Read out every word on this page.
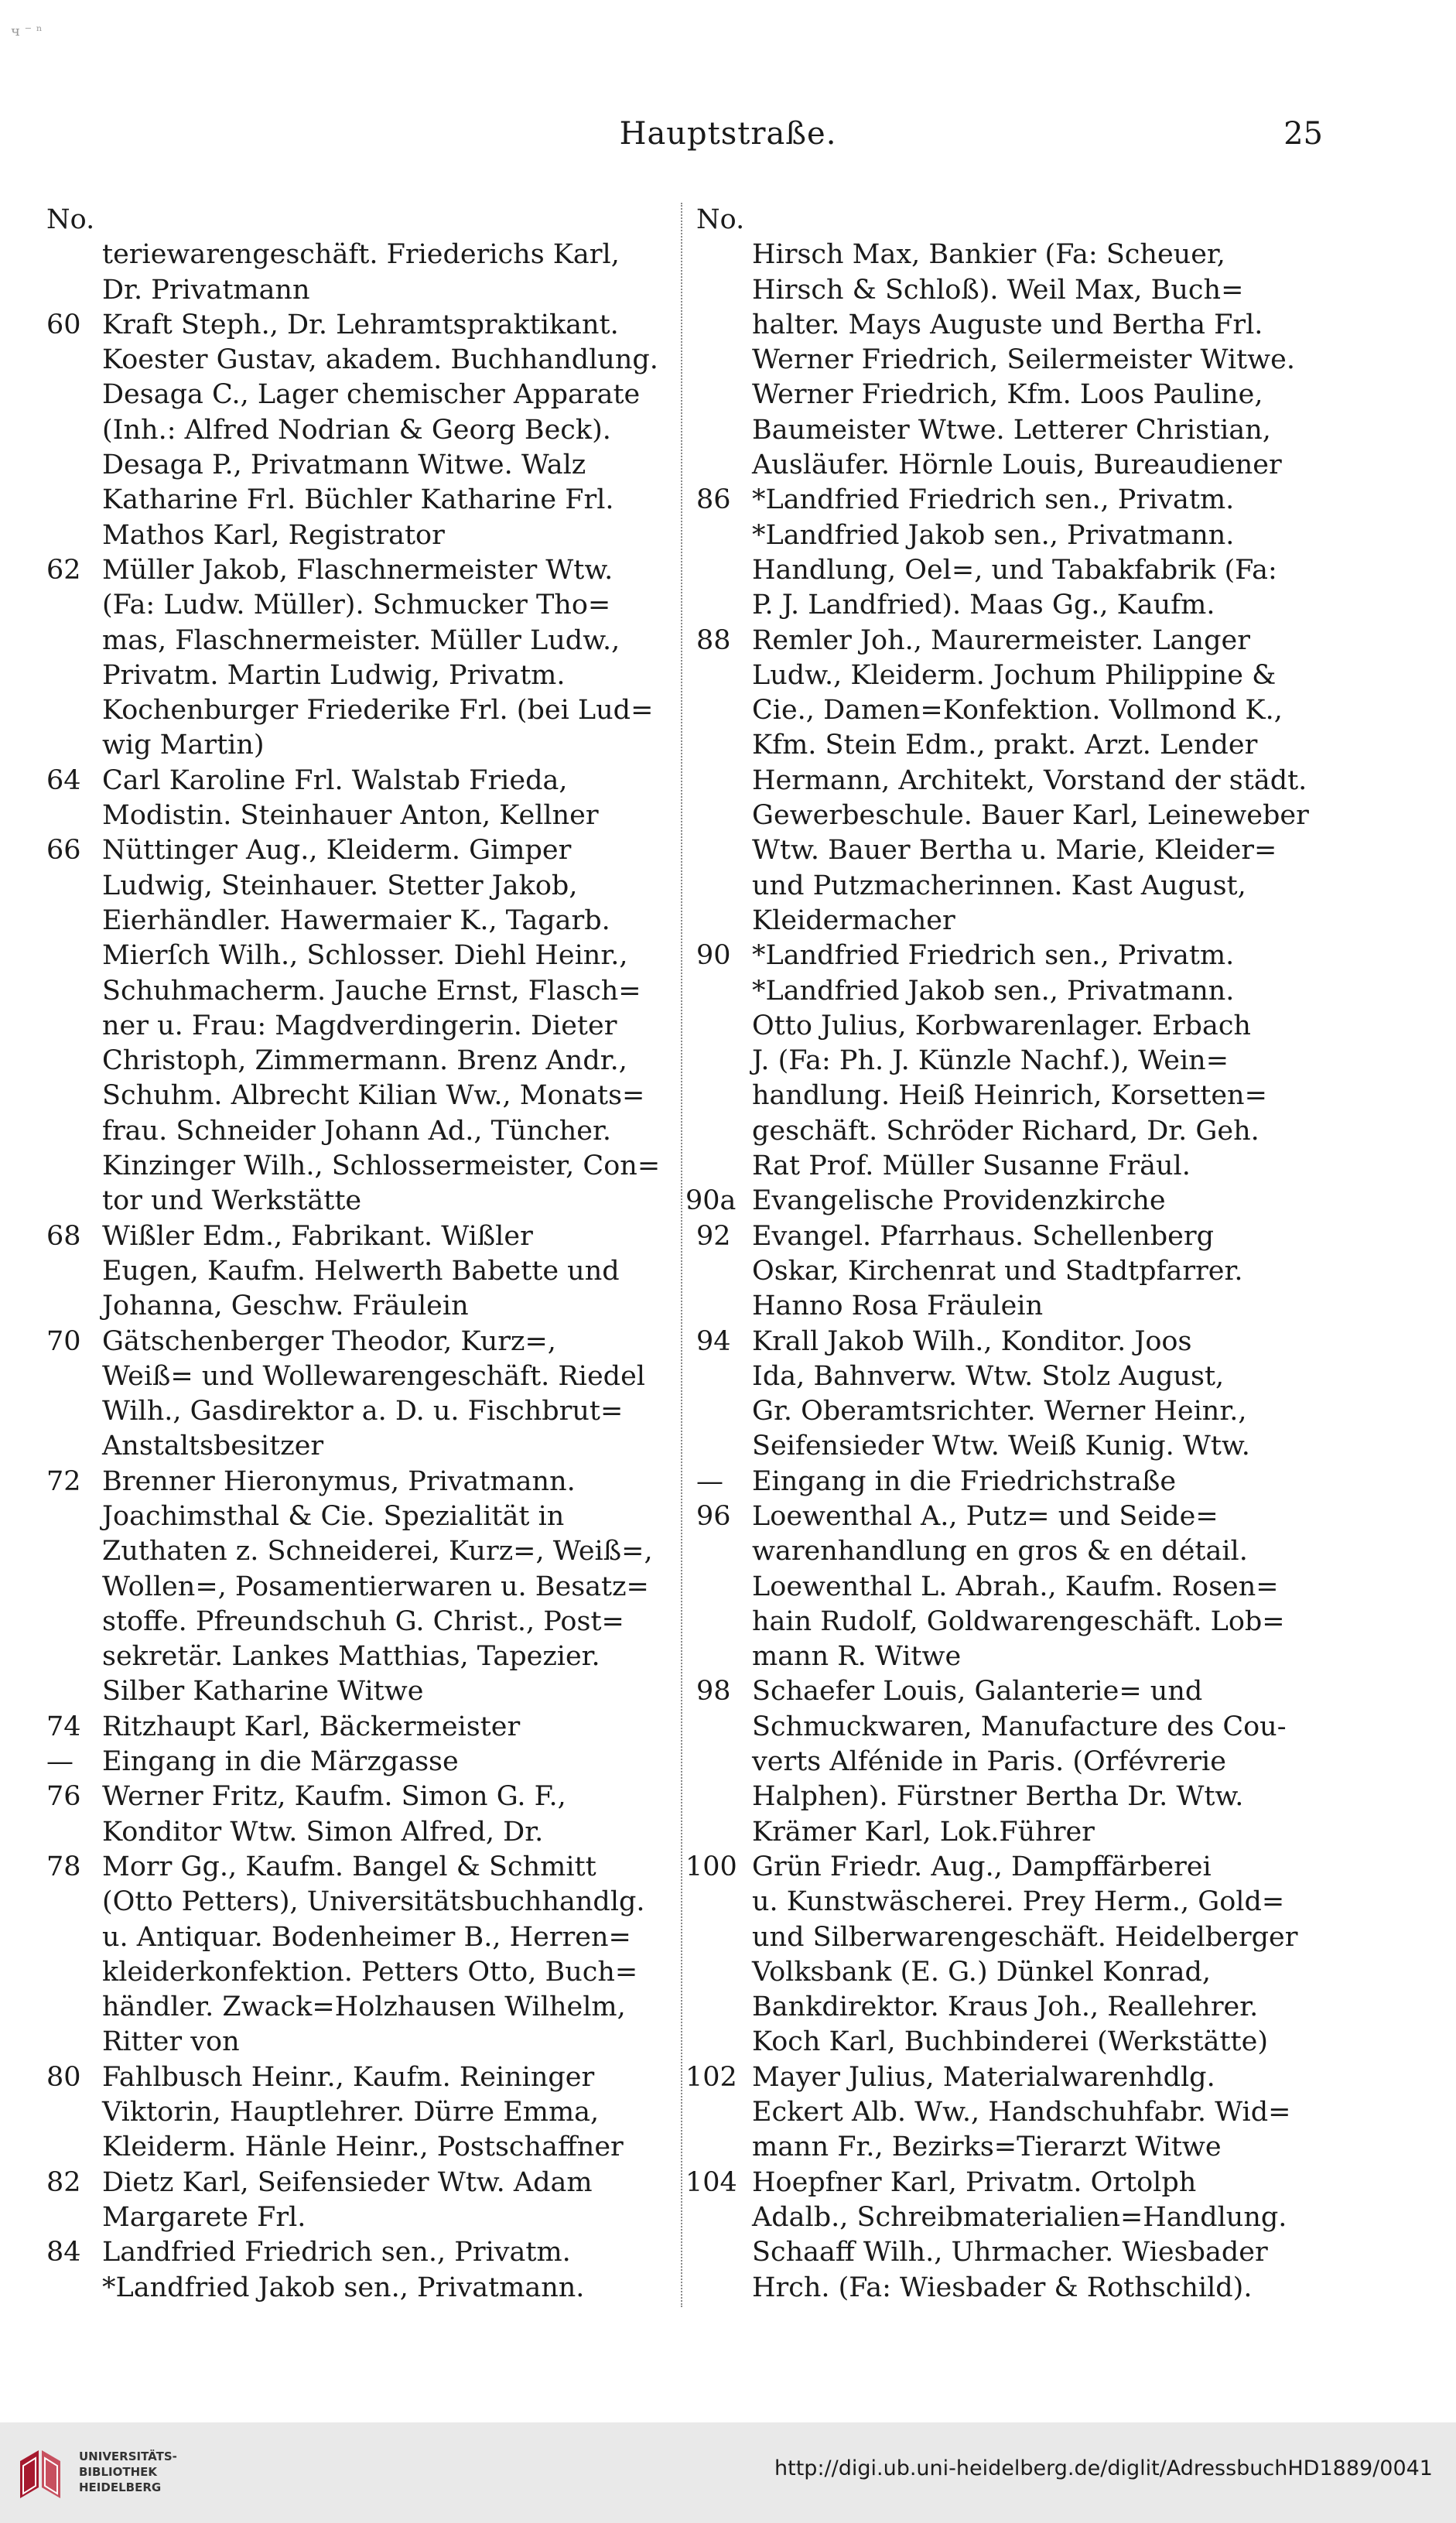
ч ⁻ ⁿ
Hauptstraße.	25
No.
teriewarengeschäft. Friederichs Karl,
Dr. Privatmann
60 Kraft Steph., Dr. Lehramtspraktikant.
Koester Gustav, akadem. Buchhandlung.
Desaga C., Lager chemischer Apparate
(Inh.: Alfred Nodrian & Georg Beck).
Desaga P., Privatmann Witwe. Walz
Katharine Frl. Büchler Katharine Frl.
Mathos Karl, Registrator
62 Müller Jakob, Flaschnermeister Wtw.
(Fa: Ludw. Müller). Schmucker Tho=
mas, Flaschnermeister. Müller Ludw.,
Privatm. Martin Ludwig, Privatm.
Kochenburger Friederike Frl. (bei Lud=
wig Martin)
64 Carl Karoline Frl. Walstab Frieda,
Modistin. Steinhauer Anton, Kellner
66 Nüttinger Aug., Kleiderm. Gimper
Ludwig, Steinhauer. Stetter Jakob,
Eierhändler. Hawermaier K., Tagarb.
Mierſch Wilh., Schlosser. Diehl Heinr.,
Schuhmacherm. Jauche Ernst, Flasch=
ner u. Frau: Magdverdingerin. Dieter
Christoph, Zimmermann. Brenz Andr.,
Schuhm. Albrecht Kilian Ww., Monats=
frau. Schneider Johann Ad., Tüncher.
Kinzinger Wilh., Schlossermeister, Con=
tor und Werkstätte
68 Wißler Edm., Fabrikant. Wißler
Eugen, Kaufm. Helwerth Babette und
Johanna, Geschw. Fräulein
70 Gätschenberger Theodor, Kurz=,
Weiß= und Wollewarengeschäft. Riedel
Wilh., Gasdirektor a. D. u. Fischbrut=
Anstaltsbesitzer
72 Brenner Hieronymus, Privatmann.
Joachimsthal & Cie. Spezialität in
Zuthaten z. Schneiderei, Kurz=, Weiß=,
Wollen=, Posamentierwaren u. Besatz=
stoffe. Pfreundschuh G. Christ., Post=
sekretär. Lankes Matthias, Tapezier.
Silber Katharine Witwe
74 Ritzhaupt Karl, Bäckermeister
—	Eingang in die Märzgasse
76 Werner Fritz, Kaufm. Simon G. F.,
Konditor Wtw. Simon Alfred, Dr.
78 Morr Gg., Kaufm. Bangel & Schmitt
(Otto Petters), Universitätsbuchhandlg.
u. Antiquar. Bodenheimer B., Herren=
kleiderkonfektion. Petters Otto, Buch=
händler. Zwack=Holzhausen Wilhelm,
Ritter von
80 Fahlbusch Heinr., Kaufm. Reininger
Viktorin, Hauptlehrer. Dürre Emma,
Kleiderm. Hänle Heinr., Postschaffner
82 Dietz Karl, Seifensieder Wtw. Adam
Margarete Frl.
84 Landfried Friedrich sen., Privatm.
*Landfried Jakob sen., Privatmann.
No.
Hirsch Max, Bankier (Fa: Scheuer,
Hirsch & Schloß). Weil Max, Buch=
halter. Mays Auguste und Bertha Frl.
Werner Friedrich, Seilermeister Witwe.
Werner Friedrich, Kfm. Loos Pauline,
Baumeister Wtwe. Letterer Christian,
Ausläufer. Hörnle Louis, Bureaudiener
86 *Landfried Friedrich sen., Privatm.
*Landfried Jakob sen., Privatmann.
Handlung, Oel=, und Tabakfabrik (Fa:
P. J. Landfried). Maas Gg., Kaufm.
88 Remler Joh., Maurermeister. Langer
Ludw., Kleiderm. Jochum Philippine &
Cie., Damen=Konfektion. Vollmond K.,
Kfm. Stein Edm., prakt. Arzt. Lender
Hermann, Architekt, Vorstand der städt.
Gewerbeschule. Bauer Karl, Leineweber
Wtw. Bauer Bertha u. Marie, Kleider=
und Putzmacherinnen. Kast August,
Kleidermacher
90 *Landfried Friedrich sen., Privatm.
*Landfried Jakob sen., Privatmann.
Otto Julius, Korbwarenlager. Erbach
J. (Fa: Ph. J. Künzle Nachf.), Wein=
handlung. Heiß Heinrich, Korsetten=
geschäft. Schröder Richard, Dr. Geh.
Rat Prof. Müller Susanne Fräul.
90a Evangelische Providenzkirche
92 Evangel. Pfarrhaus. Schellenberg
Oskar, Kirchenrat und Stadtpfarrer.
Hanno Rosa Fräulein
94 Krall Jakob Wilh., Konditor. Joos
Ida, Bahnverw. Wtw. Stolz August,
Gr. Oberamtsrichter. Werner Heinr.,
Seifensieder Wtw. Weiß Kunig. Wtw.
—	Eingang in die Friedrichstraße
96 Loewenthal A., Putz= und Seide=
warenhandlung en gros & en détail.
Loewenthal L. Abrah., Kaufm. Rosen=
hain Rudolf, Goldwarengeschäft. Lob=
mann R. Witwe
98 Schaefer Louis, Galanterie= und
Schmuckwaren, Manufacture des Cou-
verts Alfénide in Paris. (Orfévrerie
Halphen). Fürstner Bertha Dr. Wtw.
Krämer Karl, Lok.Führer
100 Grün Friedr. Aug., Dampffärberei
u. Kunstwäscherei. Prey Herm., Gold=
und Silberwarengeschäft. Heidelberger
Volksbank (E. G.) Dünkel Konrad,
Bankdirektor. Kraus Joh., Reallehrer.
Koch Karl, Buchbinderei (Werkstätte)
102 Mayer Julius, Materialwarenhdlg.
Eckert Alb. Ww., Handschuhfabr. Wid=
mann Fr., Bezirks=Tierarzt Witwe
104 Hoepfner Karl, Privatm. Ortolph
Adalb., Schreibmaterialien=Handlung.
Schaaff Wilh., Uhrmacher. Wiesbader
Hrch. (Fa: Wiesbader & Rothschild).
UNIVERSITÄTS-
BIBLIOTHEK
HEIDELBERG
http://digi.ub.uni-heidelberg.de/diglit/AdressbuchHD1889/0041
